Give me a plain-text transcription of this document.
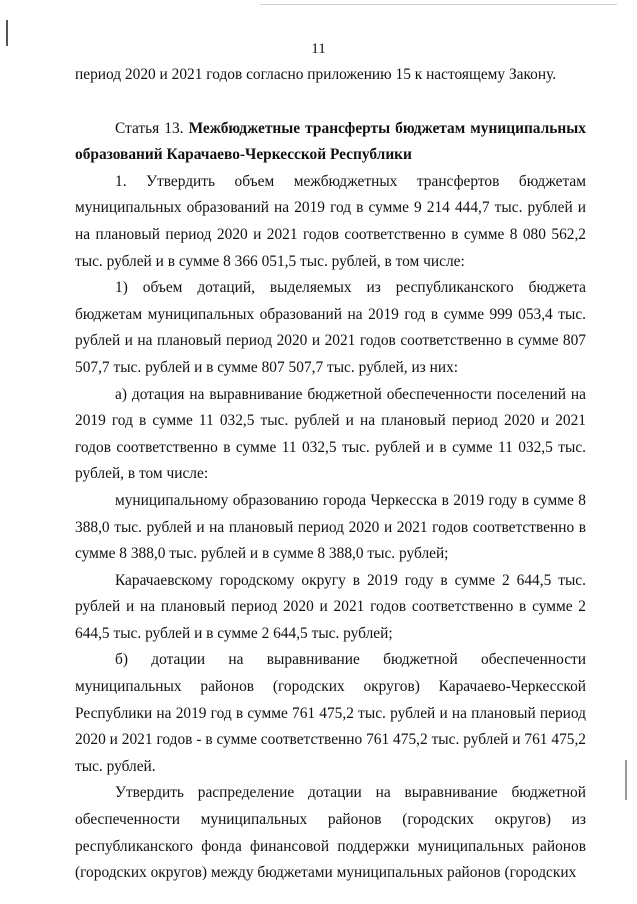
11

период 2020 и 2021 годов согласно приложению 15 к настоящему Закону.

Статья 13. Межбюджетные трансферты бюджетам муниципальных образований Карачаево-Черкесской Республики

1. Утвердить объем межбюджетных трансфертов бюджетам муниципальных образований на 2019 год в сумме 9 214 444,7 тыс. рублей и на плановый период 2020 и 2021 годов соответственно в сумме 8 080 562,2 тыс. рублей и в сумме 8 366 051,5 тыс. рублей, в том числе:

1) объем дотаций, выделяемых из республиканского бюджета бюджетам муниципальных образований на 2019 год в сумме 999 053,4 тыс. рублей и на плановый период 2020 и 2021 годов соответственно в сумме 807 507,7 тыс. рублей и в сумме 807 507,7 тыс. рублей, из них:

а) дотация на выравнивание бюджетной обеспеченности поселений на 2019 год в сумме 11 032,5 тыс. рублей и на плановый период 2020 и 2021 годов соответственно в сумме 11 032,5 тыс. рублей и в сумме 11 032,5 тыс. рублей, в том числе:

муниципальному образованию города Черкесска в 2019 году в сумме 8 388,0 тыс. рублей и на плановый период 2020 и 2021 годов соответственно в сумме 8 388,0 тыс. рублей и в сумме 8 388,0 тыс. рублей;

Карачаевскому городскому округу в 2019 году в сумме 2 644,5 тыс. рублей и на плановый период 2020 и 2021 годов соответственно в сумме 2 644,5 тыс. рублей и в сумме 2 644,5 тыс. рублей;

б) дотации на выравнивание бюджетной обеспеченности муниципальных районов (городских округов) Карачаево-Черкесской Республики на 2019 год в сумме 761 475,2 тыс. рублей и на плановый период 2020 и 2021 годов - в сумме соответственно 761 475,2 тыс. рублей и 761 475,2 тыс. рублей.

Утвердить распределение дотации на выравнивание бюджетной обеспеченности муниципальных районов (городских округов) из республиканского фонда финансовой поддержки муниципальных районов (городских округов) между бюджетами муниципальных районов (городских
